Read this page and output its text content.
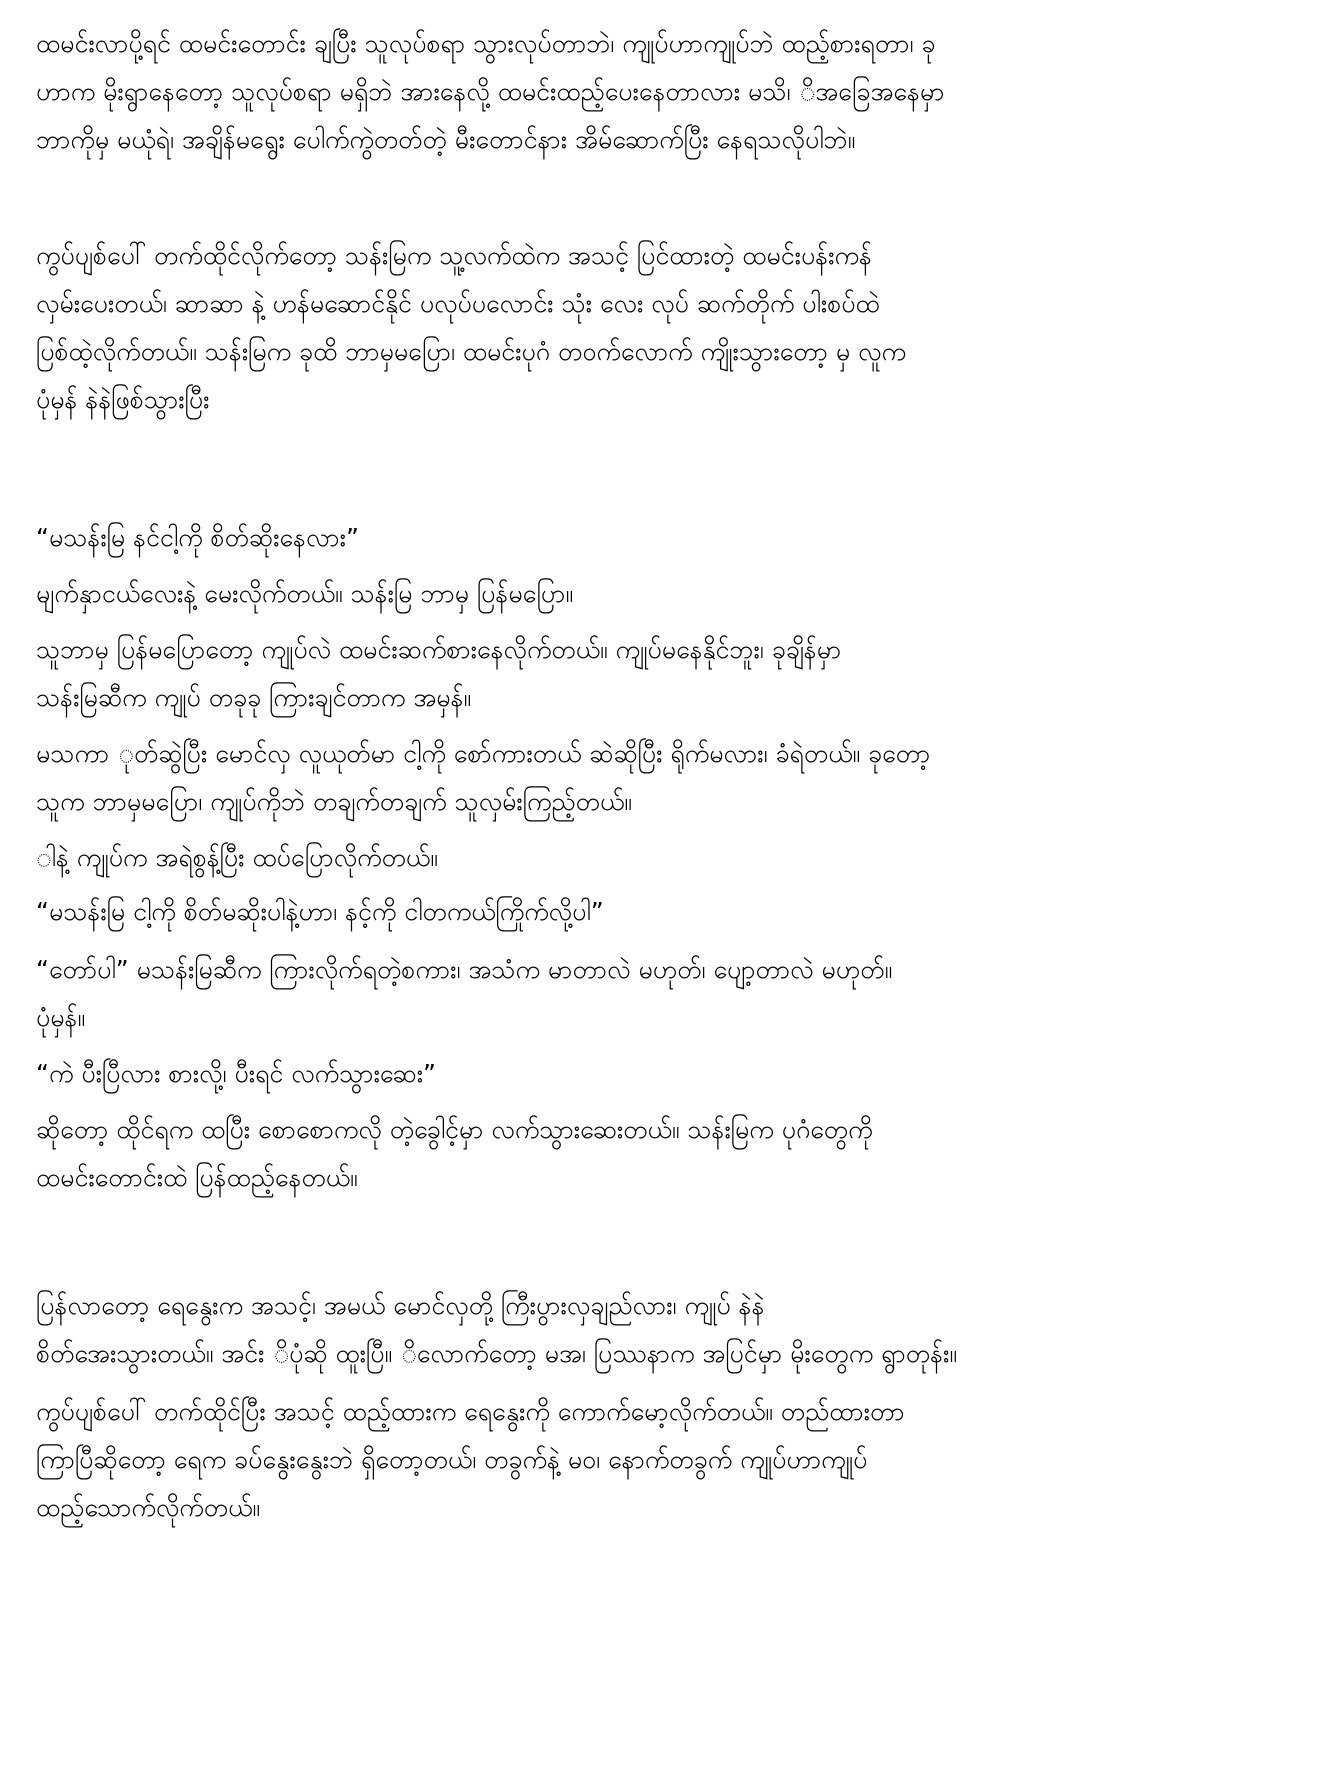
ထမင်းလာပို့ရင် ထမင်းတောင်း ချပြီး သူလုပ်စရာ သွားလုပ်တာဘဲ၊ ကျုပ်ဟာကျုပ်ဘဲ ထည့်စားရတာ၊ ခု
ဟာက မိုးရွာနေတော့ သူလုပ်စရာ မရှိဘဲ အားနေလို့ ထမင်းထည့်ပေးနေတာလား မသိ၊ ိအခြေအနေမှာ
ဘာကိုမှ မယုံရဲ၊ အချိန်မရွေး ပေါက်ကွဲတတ်တဲ့ မီးတောင်နား အိမ်ဆောက်ပြီး နေရသလိုပါဘဲ။

ကွပ်ပျစ်ပေါ် တက်ထိုင်လိုက်တော့ သန်းမြက သူ့လက်ထဲက အသင့် ပြင်ထားတဲ့ ထမင်းပန်းကန်
လှမ်းပေးတယ်၊ ဆာဆာ နဲ့ ဟန်မဆောင်နိုင် ပလုပ်ပလောင်း သုံး လေး လုပ် ဆက်တိုက် ပါးစပ်ထဲ
ပြစ်ထဲ့လိုက်တယ်။ သန်းမြက ခုထိ ဘာမှမပြော၊ ထမင်းပုဂံ တဝက်လောက် ကျိုးသွားတော့ မှ လူက
ပုံမှန် နဲနဲဖြစ်သွားပြီး

“မသန်းမြ နင်ငါ့ကို စိတ်ဆိုးနေလား”

မျက်နှာငယ်လေးနဲ့ မေးလိုက်တယ်။ သန်းမြ ဘာမှ ပြန်မပြော။

သူဘာမှ ပြန်မပြောတော့ ကျုပ်လဲ ထမင်းဆက်စားနေလိုက်တယ်။ ကျုပ်မနေနိုင်ဘူး၊ ခုချိန်မှာ
သန်းမြဆီက ကျုပ် တခုခု ကြားချင်တာက အမှန်။

မသကာ ုတ်ဆွဲပြီး မောင်လှ လူယုတ်မာ ငါ့ကို စော်ကားတယ် ဆဲဆိုပြီး ရိုက်မလား၊ ခံရဲတယ်။ ခုတော့
သူက ဘာမှမပြော၊ ကျုပ်ကိုဘဲ တချက်တချက် သူလှမ်းကြည့်တယ်။

ါနဲ့ ကျုပ်က အရဲစွန့်ပြီး ထပ်ပြောလိုက်တယ်။

“မသန်းမြ ငါ့ကို စိတ်မဆိုးပါနဲ့ဟာ၊ နင့်ကို ငါတကယ်ကြိုက်လို့ပါ”

“တော်ပါ” မသန်းမြဆီက ကြားလိုက်ရတဲ့စကား၊ အသံက မာတာလဲ မဟုတ်၊ ပျော့တာလဲ မဟုတ်။
ပုံမှန်။

“ကဲ ပီးပြီလား စားလို့၊ ပီးရင် လက်သွားဆေး”

ဆိုတော့ ထိုင်ရက ထပြီး စောစောကလို တဲ့ခွေါင့်မှာ လက်သွားဆေးတယ်။ သန်းမြက ပုဂံတွေကို
ထမင်းတောင်းထဲ ပြန်ထည့်နေတယ်။

ပြန်လာတော့ ရေနွေးက အသင့်၊ အမယ် မောင်လှတို့ ကြီးပွားလှချည်လား၊ ကျုပ် နဲနဲ
စိတ်အေးသွားတယ်။ အင်း ိပုံဆို ထူးပြီ။ ိလောက်တော့ မအ၊ ပြဿနာက အပြင်မှာ မိုးတွေက ရွာတုန်း။

ကွပ်ပျစ်ပေါ် တက်ထိုင်ပြီး အသင့် ထည့်ထားက ရေနွေးကို ကောက်မော့လိုက်တယ်။ တည်ထားတာ
ကြာပြီဆိုတော့ ရေက ခပ်နွေးနွေးဘဲ ရှိတော့တယ်၊ တခွက်နဲ့ မဝ၊ နောက်တခွက် ကျုပ်ဟာကျုပ်
ထည့်သောက်လိုက်တယ်။
